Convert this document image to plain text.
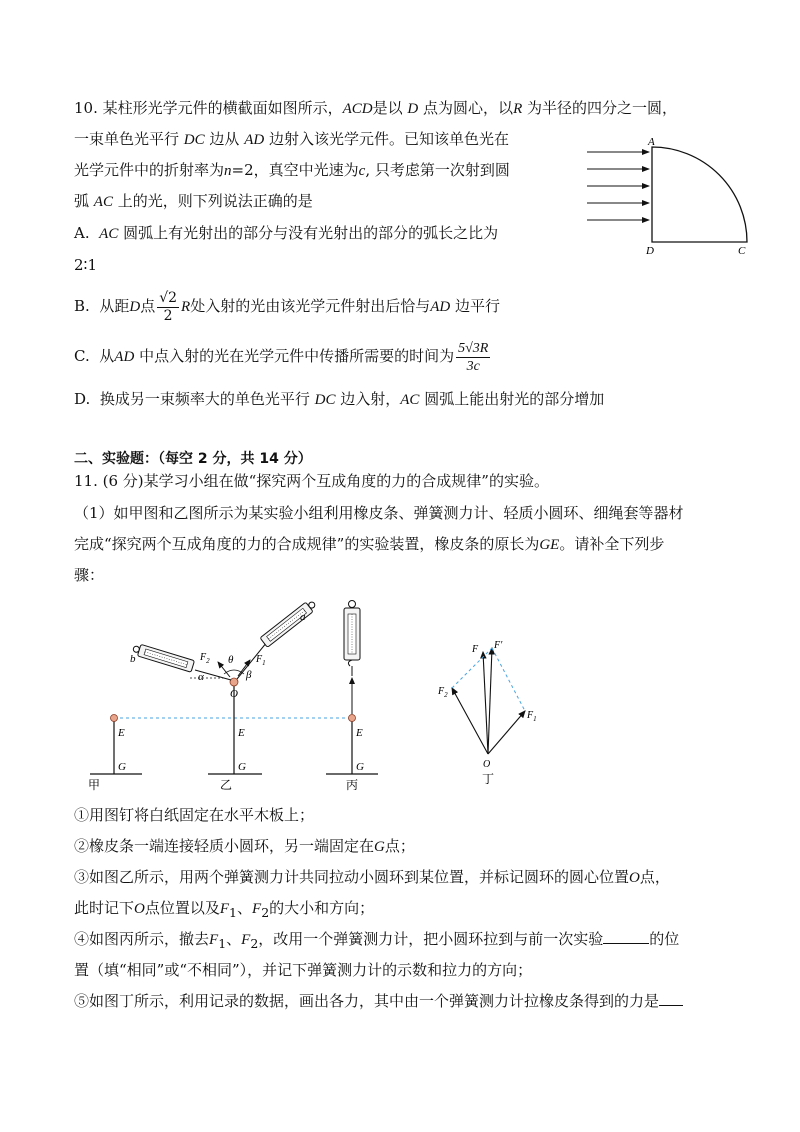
10. 某柱形光学元件的横截面如图所示，ACD是以 D 点为圆心，以R 为半径的四分之一圆，
一束单色光平行 DC 边从 AD 边射入该光学元件。已知该单色光在
光学元件中的折射率为n=2，真空中光速为c, 只考虑第一次射到圆
弧 AC 上的光，则下列说法正确的是
A. AC 圆弧上有光射出的部分与没有光射出的部分的弧长之比为
2∶1
B. 从距D点 $\frac{√2}{2}$ R处入射的光由该光学元件射出后恰与AD 边平行
C. 从AD 中点入射的光在光学元件中传播所需要的时间为 $\frac{5√3R}{3c}$
D. 换成另一束频率大的单色光平行 DC 边入射，AC 圆弧上能出射光的部分增加
A
D	C
二、实验题：（每空 2 分，共 14 分）
11. (6 分)某学习小组在做“探究两个互成角度的力的合成规律”的实验。
（1）如甲图和乙图所示为某实验小组利用橡皮条、弹簧测力计、轻质小圆环、细绳套等器材
完成“探究两个互成角度的力的合成规律”的实验装置，橡皮条的原长为GE。请补全下列步
骤：
E
G
甲
E
G
O
乙
b
a
$F_2$	$F_1$
θ
α	β
E
G
丙
F F′
$F_2$
$F_1$
O
丁
①用图钉将白纸固定在水平木板上；
②橡皮条一端连接轻质小圆环，另一端固定在G点；
③如图乙所示，用两个弹簧测力计共同拉动小圆环到某位置，并标记圆环的圆心位置O点，
此时记下O点位置以及$F_1$、$F_2$的大小和方向；
④如图丙所示，撤去$F_1$、$F_2$，改用一个弹簧测力计，把小圆环拉到与前一次实验	的位
置（填“相同”或“不相同”），并记下弹簧测力计的示数和拉力的方向；
⑤如图丁所示，利用记录的数据，画出各力，其中由一个弹簧测力计拉橡皮条得到的力是
